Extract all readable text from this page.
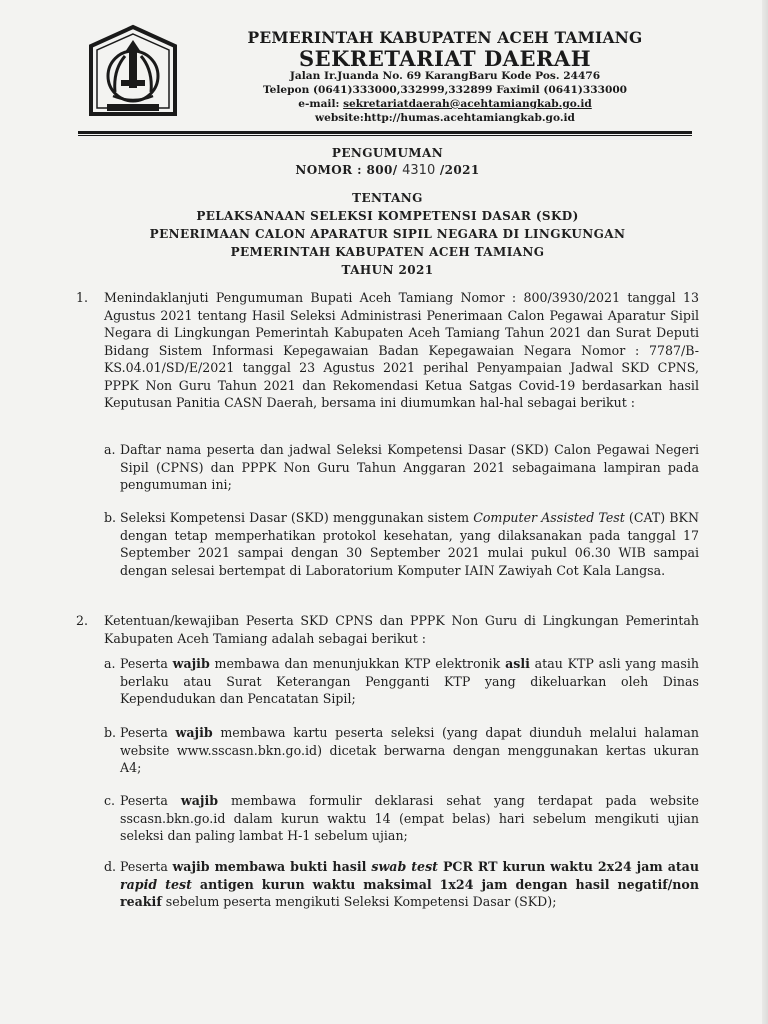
PEMERINTAH KABUPATEN ACEH TAMIANG
SEKRETARIAT DAERAH
Jalan Ir.Juanda No. 69 KarangBaru Kode Pos. 24476
Telepon (0641)333000,332999,332899 Faximil (0641)333000
e-mail: sekretariatdaerah@acehtamiangkab.go.id
website:http://humas.acehtamiangkab.go.id
PENGUMUMAN
NOMOR : 800/ 4310 /2021
TENTANG
PELAKSANAAN SELEKSI KOMPETENSI DASAR (SKD)
PENERIMAAN CALON APARATUR SIPIL NEGARA DI LINGKUNGAN
PEMERINTAH KABUPATEN ACEH TAMIANG
TAHUN 2021
1. Menindaklanjuti Pengumuman Bupati Aceh Tamiang Nomor : 800/3930/2021 tanggal 13 Agustus 2021 tentang Hasil Seleksi Administrasi Penerimaan Calon Pegawai Aparatur Sipil Negara di Lingkungan Pemerintah Kabupaten Aceh Tamiang Tahun 2021 dan Surat Deputi Bidang Sistem Informasi Kepegawaian Badan Kepegawaian Negara Nomor : 7787/B-KS.04.01/SD/E/2021 tanggal 23 Agustus 2021 perihal Penyampaian Jadwal SKD CPNS, PPPK Non Guru Tahun 2021 dan Rekomendasi Ketua Satgas Covid-19 berdasarkan hasil Keputusan Panitia CASN Daerah, bersama ini diumumkan hal-hal sebagai berikut :
a. Daftar nama peserta dan jadwal Seleksi Kompetensi Dasar (SKD) Calon Pegawai Negeri Sipil (CPNS) dan PPPK Non Guru Tahun Anggaran 2021 sebagaimana lampiran pada pengumuman ini;
b. Seleksi Kompetensi Dasar (SKD) menggunakan sistem Computer Assisted Test (CAT) BKN dengan tetap memperhatikan protokol kesehatan, yang dilaksanakan pada tanggal 17 September 2021 sampai dengan 30 September 2021 mulai pukul 06.30 WIB sampai dengan selesai bertempat di Laboratorium Komputer IAIN Zawiyah Cot Kala Langsa.
2. Ketentuan/kewajiban Peserta SKD CPNS dan PPPK Non Guru di Lingkungan Pemerintah Kabupaten Aceh Tamiang adalah sebagai berikut :
a. Peserta wajib membawa dan menunjukkan KTP elektronik asli atau KTP asli yang masih berlaku atau Surat Keterangan Pengganti KTP yang dikeluarkan oleh Dinas Kependudukan dan Pencatatan Sipil;
b. Peserta wajib membawa kartu peserta seleksi (yang dapat diunduh melalui halaman website www.sscasn.bkn.go.id) dicetak berwarna dengan menggunakan kertas ukuran A4;
c. Peserta wajib membawa formulir deklarasi sehat yang terdapat pada website sscasn.bkn.go.id dalam kurun waktu 14 (empat belas) hari sebelum mengikuti ujian seleksi dan paling lambat H-1 sebelum ujian;
d. Peserta wajib membawa bukti hasil swab test PCR RT kurun waktu 2x24 jam atau rapid test antigen kurun waktu maksimal 1x24 jam dengan hasil negatif/non reakif sebelum peserta mengikuti Seleksi Kompetensi Dasar (SKD);
